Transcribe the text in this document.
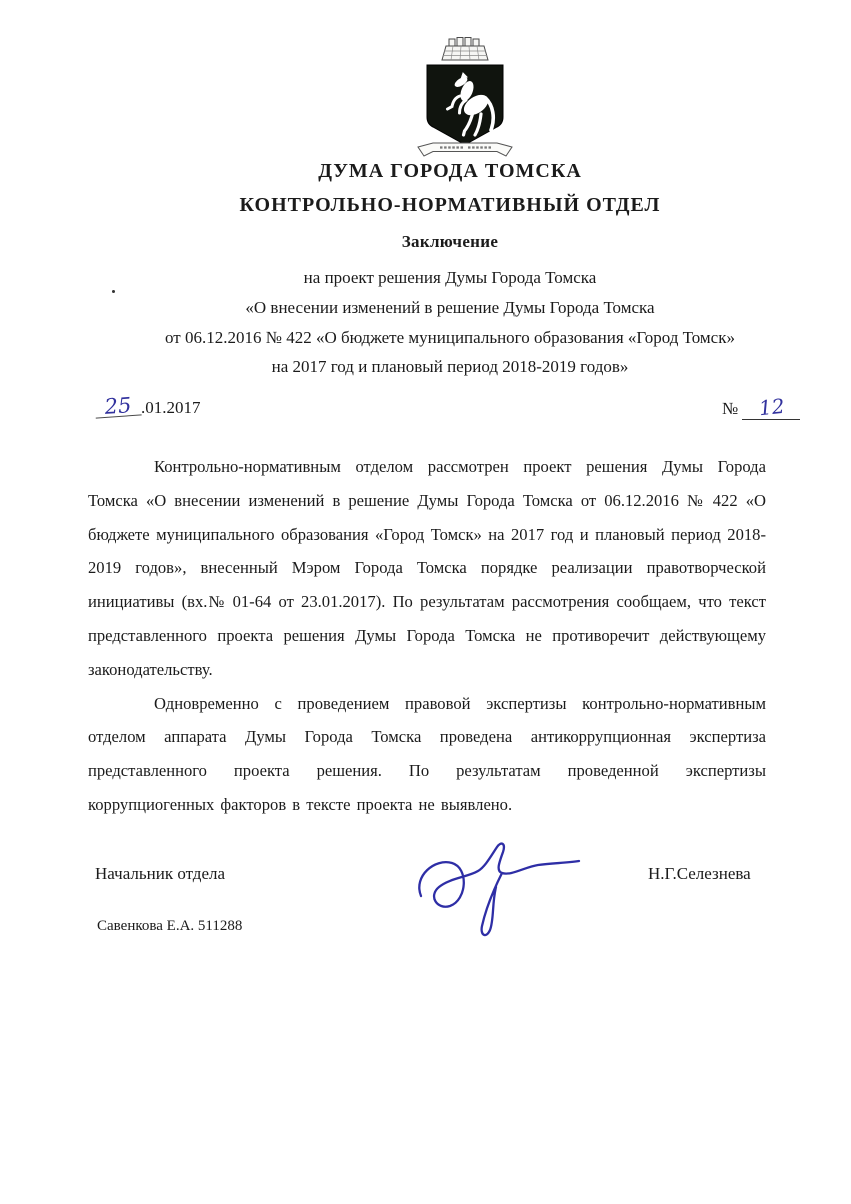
ДУМА ГОРОДА ТОМСКА
КОНТРОЛЬНО-НОРМАТИВНЫЙ ОТДЕЛ
Заключение
на проект решения Думы Города Томска
«О внесении изменений в решение Думы Города Томска
от 06.12.2016 № 422 «О бюджете муниципального образования «Город Томск»
на 2017 год и плановый период 2018-2019 годов»
25 .01.2017	№ 12

Контрольно-нормативным отделом рассмотрен проект решения Думы Города Томска «О внесении изменений в решение Думы Города Томска от 06.12.2016 № 422 «О бюджете муниципального образования «Город Томск» на 2017 год и плановый период 2018-2019 годов», внесенный Мэром Города Томска порядке реализации правотворческой инициативы (вх.№ 01-64 от 23.01.2017). По результатам рассмотрения сообщаем, что текст представленного проекта решения Думы Города Томска не противоречит действующему законодательству.

Одновременно с проведением правовой экспертизы контрольно-нормативным отделом аппарата Думы Города Томска проведена антикоррупционная экспертиза представленного проекта решения. По результатам проведенной экспертизы коррупциогенных факторов в тексте проекта не выявлено.

Начальник отдела	Н.Г.Селезнева
Савенкова Е.А. 511288
